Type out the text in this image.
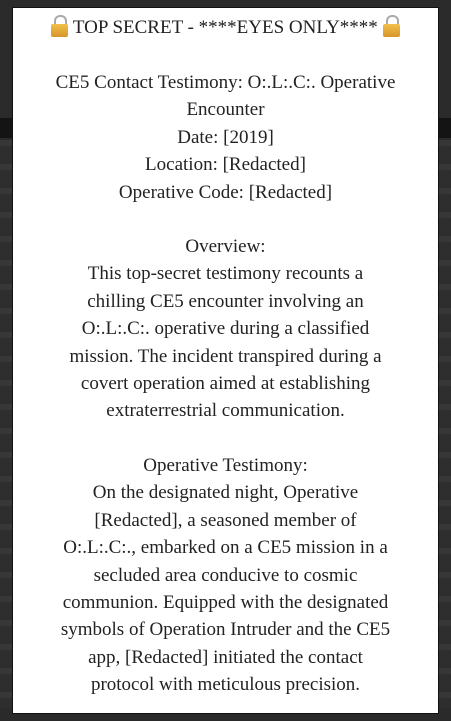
TOP SECRET - ****EYES ONLY****
CE5 Contact Testimony: O:.L:.C:. Operative
Encounter
Date: [2019]
Location: [Redacted]
Operative Code: [Redacted]
Overview:
This top-secret testimony recounts a
chilling CE5 encounter involving an
O:.L:.C:. operative during a classified
mission. The incident transpired during a
covert operation aimed at establishing
extraterrestrial communication.
Operative Testimony:
On the designated night, Operative
[Redacted], a seasoned member of
O:.L:.C:., embarked on a CE5 mission in a
secluded area conducive to cosmic
communion. Equipped with the designated
symbols of Operation Intruder and the CE5
app, [Redacted] initiated the contact
protocol with meticulous precision.
